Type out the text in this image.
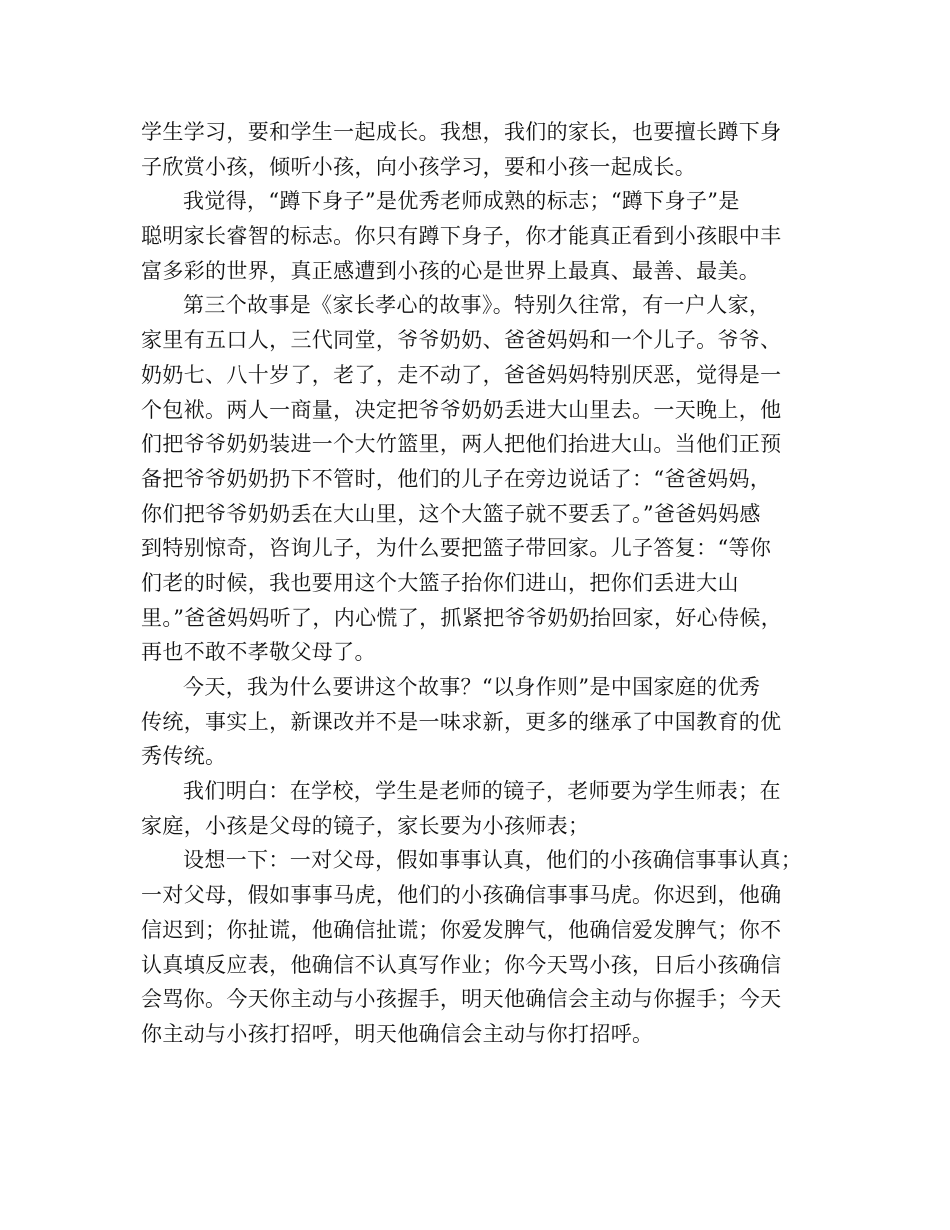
学生学习，要和学生一起成长。我想，我们的家长，也要擅长蹲下身
子欣赏小孩，倾听小孩，向小孩学习，要和小孩一起成长。
我觉得，“蹲下身子”是优秀老师成熟的标志；“蹲下身子”是
聪明家长睿智的标志。你只有蹲下身子，你才能真正看到小孩眼中丰
富多彩的世界，真正感遭到小孩的心是世界上最真、最善、最美。
第三个故事是《家长孝心的故事》。特别久往常，有一户人家，
家里有五口人，三代同堂，爷爷奶奶、爸爸妈妈和一个儿子。爷爷、
奶奶七、八十岁了，老了，走不动了，爸爸妈妈特别厌恶，觉得是一
个包袱。两人一商量，决定把爷爷奶奶丢进大山里去。一天晚上，他
们把爷爷奶奶装进一个大竹篮里，两人把他们抬进大山。当他们正预
备把爷爷奶奶扔下不管时，他们的儿子在旁边说话了：“爸爸妈妈，
你们把爷爷奶奶丢在大山里，这个大篮子就不要丢了。”爸爸妈妈感
到特别惊奇，咨询儿子，为什么要把篮子带回家。儿子答复：“等你
们老的时候，我也要用这个大篮子抬你们进山，把你们丢进大山
里。”爸爸妈妈听了，内心慌了，抓紧把爷爷奶奶抬回家，好心侍候，
再也不敢不孝敬父母了。
今天，我为什么要讲这个故事？“以身作则”是中国家庭的优秀
传统，事实上，新课改并不是一味求新，更多的继承了中国教育的优
秀传统。
我们明白：在学校，学生是老师的镜子，老师要为学生师表；在
家庭，小孩是父母的镜子，家长要为小孩师表；
设想一下：一对父母，假如事事认真，他们的小孩确信事事认真；
一对父母，假如事事马虎，他们的小孩确信事事马虎。你迟到，他确
信迟到；你扯谎，他确信扯谎；你爱发脾气，他确信爱发脾气；你不
认真填反应表，他确信不认真写作业；你今天骂小孩，日后小孩确信
会骂你。今天你主动与小孩握手，明天他确信会主动与你握手；今天
你主动与小孩打招呼，明天他确信会主动与你打招呼。
